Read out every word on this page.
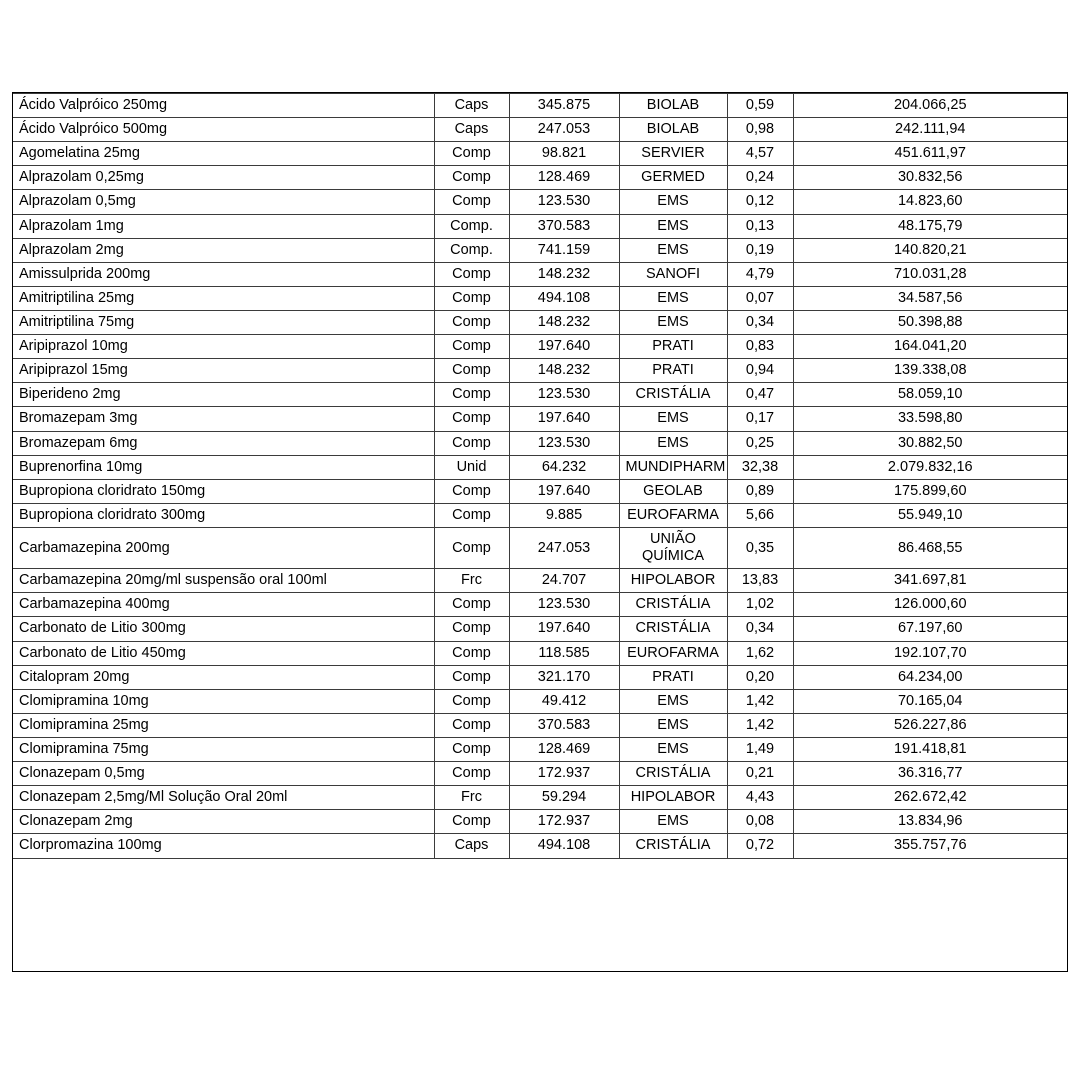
Ácido Valpróico 250mg	Caps	345.875	BIOLAB	0,59	204.066,25
Ácido Valpróico 500mg	Caps	247.053	BIOLAB	0,98	242.111,94
Agomelatina 25mg	Comp	98.821	SERVIER	4,57	451.611,97
Alprazolam 0,25mg	Comp	128.469	GERMED	0,24	30.832,56
Alprazolam 0,5mg	Comp	123.530	EMS	0,12	14.823,60
Alprazolam 1mg	Comp.	370.583	EMS	0,13	48.175,79
Alprazolam 2mg	Comp.	741.159	EMS	0,19	140.820,21
Amissulprida 200mg	Comp	148.232	SANOFI	4,79	710.031,28
Amitriptilina 25mg	Comp	494.108	EMS	0,07	34.587,56
Amitriptilina 75mg	Comp	148.232	EMS	0,34	50.398,88
Aripiprazol 10mg	Comp	197.640	PRATI	0,83	164.041,20
Aripiprazol 15mg	Comp	148.232	PRATI	0,94	139.338,08
Biperideno 2mg	Comp	123.530	CRISTÁLIA	0,47	58.059,10
Bromazepam 3mg	Comp	197.640	EMS	0,17	33.598,80
Bromazepam 6mg	Comp	123.530	EMS	0,25	30.882,50
Buprenorfina 10mg	Unid	64.232	MUNDIPHARM	32,38	2.079.832,16
Bupropiona cloridrato 150mg	Comp	197.640	GEOLAB	0,89	175.899,60
Bupropiona cloridrato 300mg	Comp	9.885	EUROFARMA	5,66	55.949,10
Carbamazepina 200mg	Comp	247.053	UNIÃO QUÍMICA	0,35	86.468,55
Carbamazepina 20mg/ml suspensão oral 100ml	Frc	24.707	HIPOLABOR	13,83	341.697,81
Carbamazepina 400mg	Comp	123.530	CRISTÁLIA	1,02	126.000,60
Carbonato de Litio 300mg	Comp	197.640	CRISTÁLIA	0,34	67.197,60
Carbonato de Litio 450mg	Comp	118.585	EUROFARMA	1,62	192.107,70
Citalopram 20mg	Comp	321.170	PRATI	0,20	64.234,00
Clomipramina 10mg	Comp	49.412	EMS	1,42	70.165,04
Clomipramina 25mg	Comp	370.583	EMS	1,42	526.227,86
Clomipramina 75mg	Comp	128.469	EMS	1,49	191.418,81
Clonazepam 0,5mg	Comp	172.937	CRISTÁLIA	0,21	36.316,77
Clonazepam 2,5mg/Ml Solução Oral 20ml	Frc	59.294	HIPOLABOR	4,43	262.672,42
Clonazepam 2mg	Comp	172.937	EMS	0,08	13.834,96
Clorpromazina 100mg	Caps	494.108	CRISTÁLIA	0,72	355.757,76
